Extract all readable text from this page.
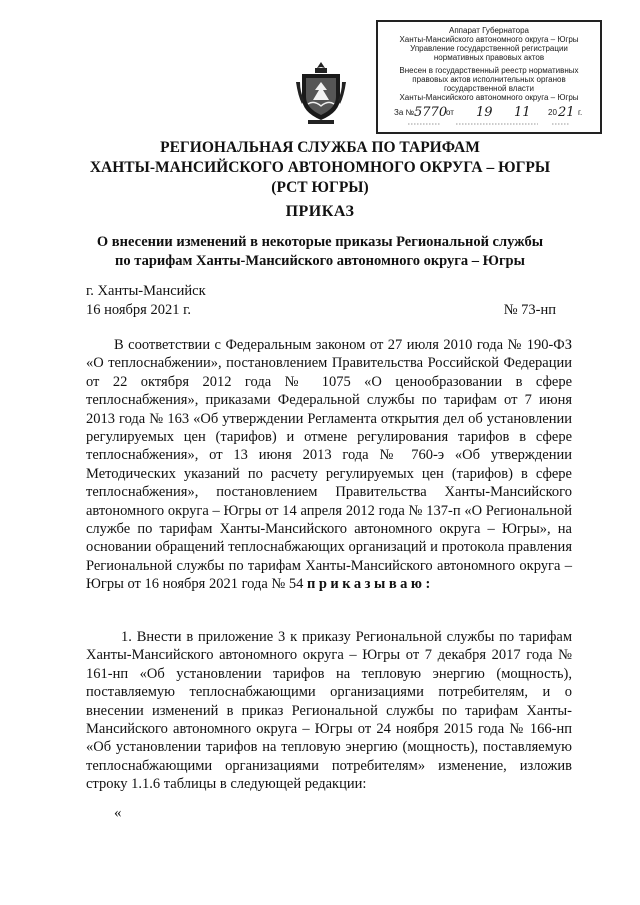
Аппарат Губернатора
Ханты-Мансийского автономного округа – Югры
Управление государственной регистрации
нормативных правовых актов
Внесен в государственный реестр нормативных
правовых актов исполнительных органов
государственной власти
Ханты-Мансийского автономного округа – Югры
За № 5770
от 19 11 20 21 г.
РЕГИОНАЛЬНАЯ СЛУЖБА ПО ТАРИФАМ
ХАНТЫ-МАНСИЙСКОГО АВТОНОМНОГО ОКРУГА – ЮГРЫ
(РСТ ЮГРЫ)
ПРИКАЗ
О внесении изменений в некоторые приказы Региональной службы
по тарифам Ханты-Мансийского автономного округа – Югры
г. Ханты-Мансийск
16 ноября 2021 г.	№ 73-нп
В соответствии с Федеральным законом от 27 июля 2010 года № 190-ФЗ «О теплоснабжении», постановлением Правительства Российской Федерации от 22 октября 2012 года № 1075 «О ценообразовании в сфере теплоснабжения», приказами Федеральной службы по тарифам от 7 июня 2013 года № 163 «Об утверждении Регламента открытия дел об установлении регулируемых цен (тарифов) и отмене регулирования тарифов в сфере теплоснабжения», от 13 июня 2013 года № 760-э «Об утверждении Методических указаний по расчету регулируемых цен (тарифов) в сфере теплоснабжения», постановлением Правительства Ханты-Мансийского автономного округа – Югры от 14 апреля 2012 года № 137-п «О Региональной службе по тарифам Ханты-Мансийского автономного округа – Югры», на основании обращений теплоснабжающих организаций и протокола правления Региональной службы по тарифам Ханты-Мансийского автономного округа – Югры от 16 ноября 2021 года № 54 приказываю:
1. Внести в приложение 3 к приказу Региональной службы по тарифам Ханты-Мансийского автономного округа – Югры от 7 декабря 2017 года № 161-нп «Об установлении тарифов на тепловую энергию (мощность), поставляемую теплоснабжающими организациями потребителям, и о внесении изменений в приказ Региональной службы по тарифам Ханты-Мансийского автономного округа – Югры от 24 ноября 2015 года № 166-нп «Об установлении тарифов на тепловую энергию (мощность), поставляемую теплоснабжающими организациями потребителям» изменение, изложив строку 1.1.6 таблицы в следующей редакции:
«
